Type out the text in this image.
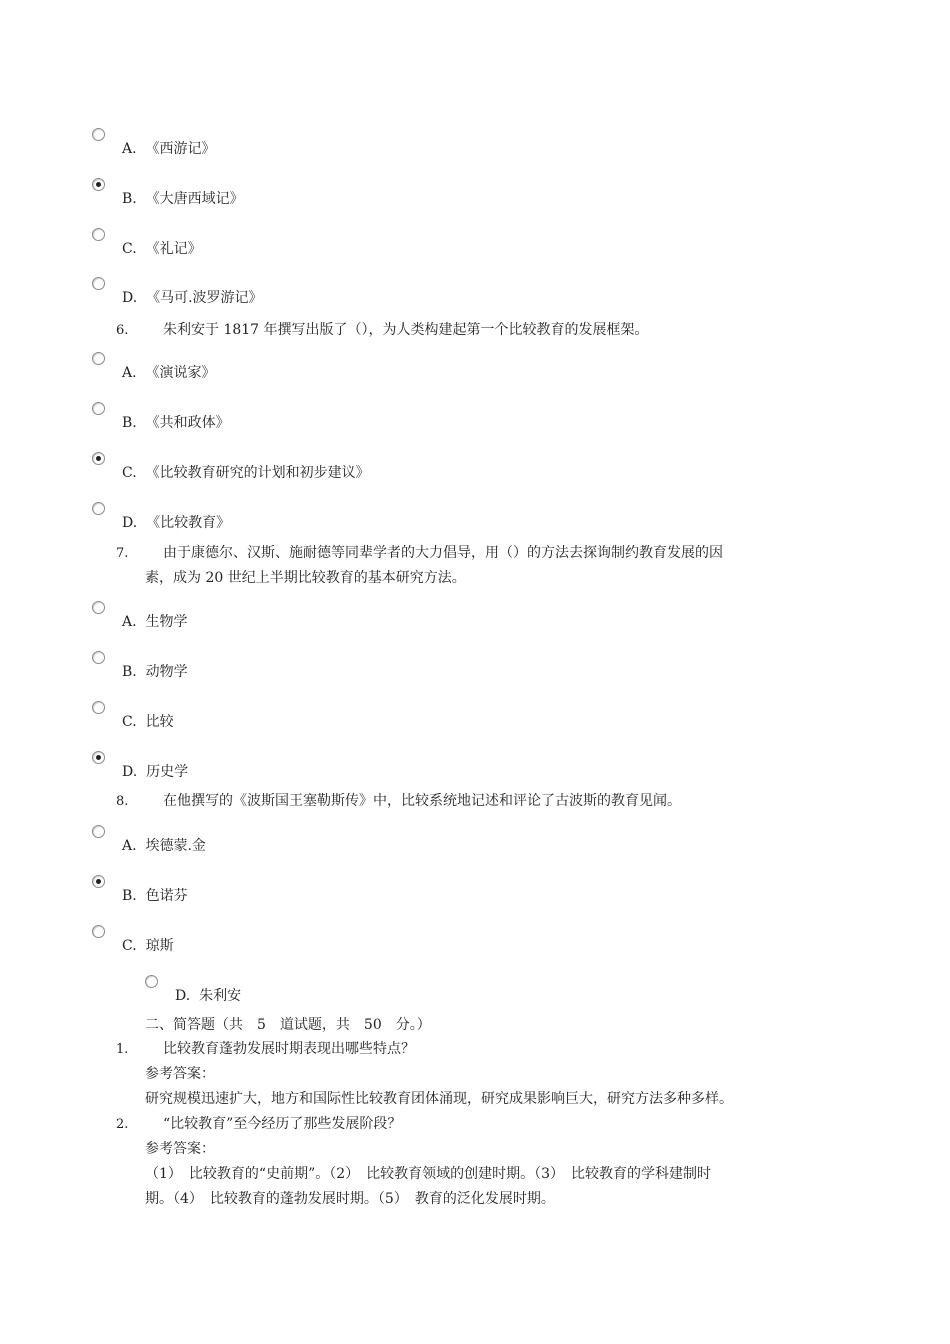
A. 《西游记》
B. 《大唐西域记》
C. 《礼记》
D. 《马可.波罗游记》
6. 朱利安于 1817 年撰写出版了（），为人类构建起第一个比较教育的发展框架。
A. 《演说家》
B. 《共和政体》
C. 《比较教育研究的计划和初步建议》
D. 《比较教育》
7. 由于康德尔、汉斯、施耐德等同辈学者的大力倡导，用（）的方法去探询制约教育发展的因
素，成为 20 世纪上半期比较教育的基本研究方法。
A. 生物学
B. 动物学
C. 比较
D. 历史学
8. 在他撰写的《波斯国王塞勒斯传》中，比较系统地记述和评论了古波斯的教育见闻。
A. 埃德蒙.金
B. 色诺芬
C. 琼斯
D. 朱利安
二、简答题（共　5　道试题，共　50　分。）
1. 比较教育蓬勃发展时期表现出哪些特点？
参考答案：
研究规模迅速扩大，地方和国际性比较教育团体涌现，研究成果影响巨大，研究方法多种多样。
2. “比较教育”至今经历了那些发展阶段？
参考答案：
（1）　比较教育的“史前期”。（2）　比较教育领域的创建时期。（3）　比较教育的学科建制时
期。（4）　比较教育的蓬勃发展时期。（5）　教育的泛化发展时期。
